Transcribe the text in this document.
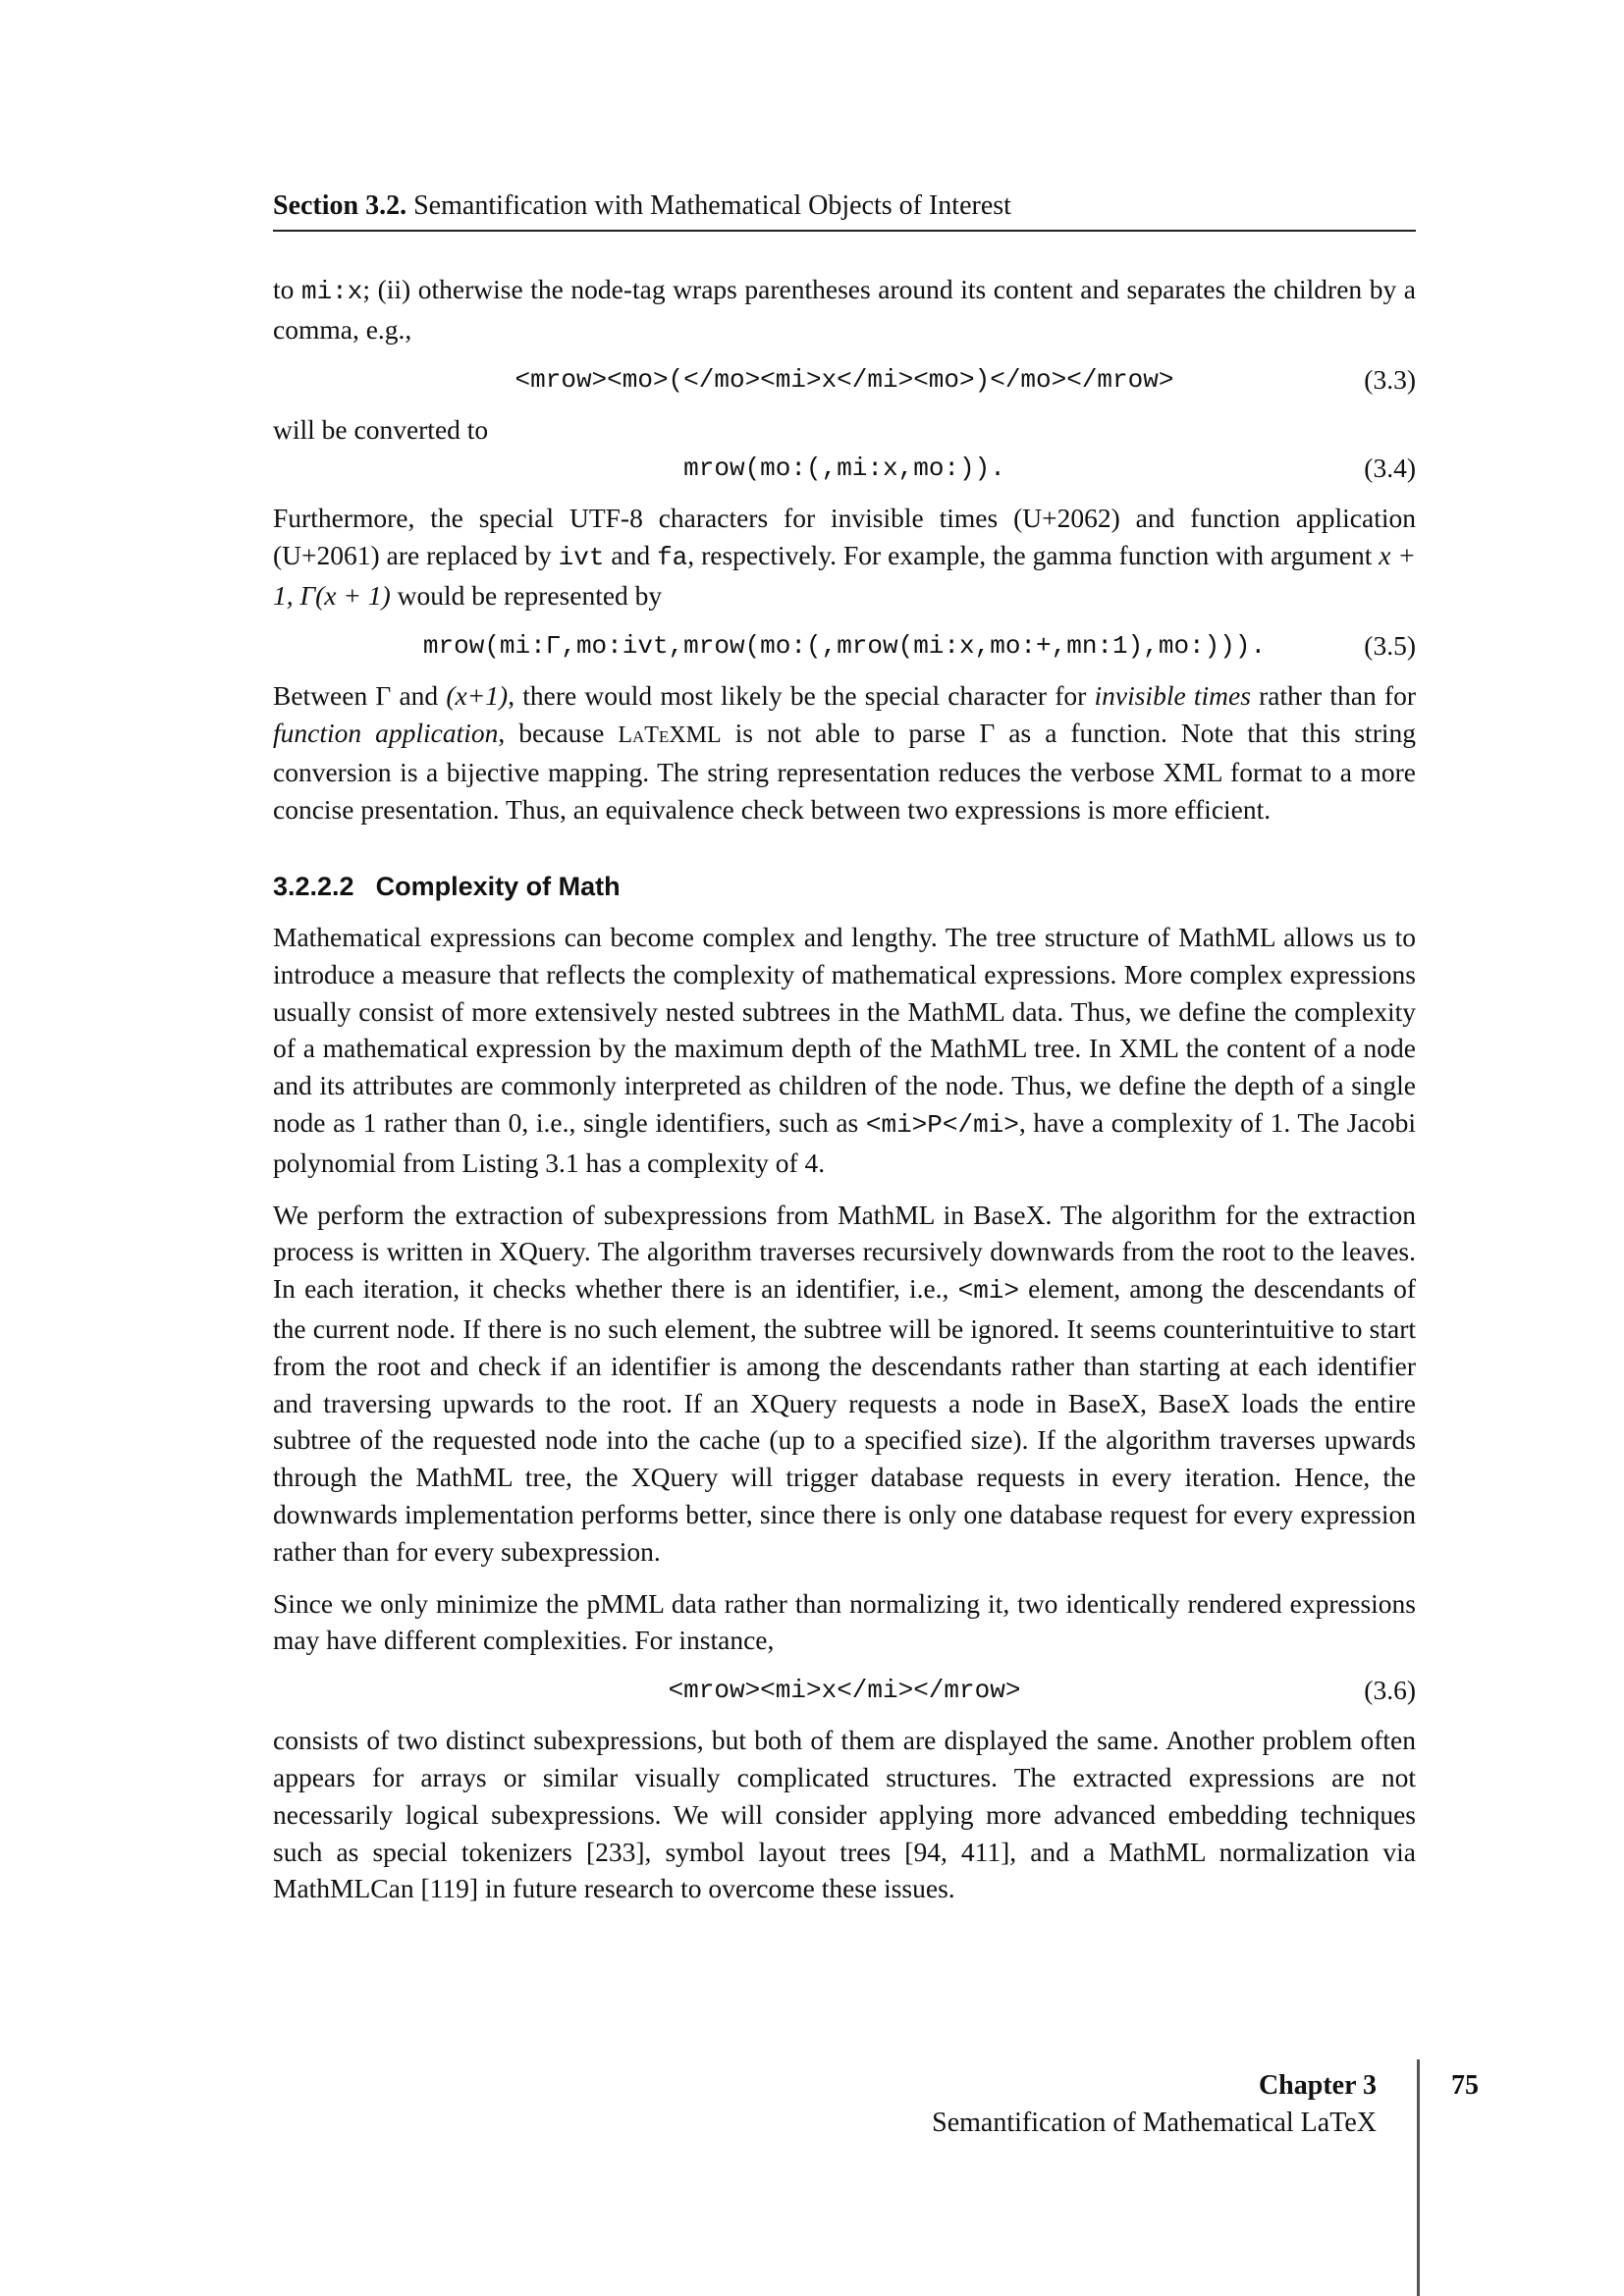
Section 3.2. Semantification with Mathematical Objects of Interest

to mi:x; (ii) otherwise the node-tag wraps parentheses around its content and separates the children by a comma, e.g.,

<mrow><mo>(</mo><mi>x</mi><mo>)</mo></mrow>	(3.3)

will be converted to

mrow(mo:(,mi:x,mo:)).	(3.4)

Furthermore, the special UTF-8 characters for invisible times (U+2062) and function application (U+2061) are replaced by ivt and fa, respectively. For example, the gamma function with argument x + 1, Γ(x + 1) would be represented by

mrow(mi:Γ,mo:ivt,mrow(mo:(,mrow(mi:x,mo:+,mn:1),mo:))).	(3.5)

Between Γ and (x+1), there would most likely be the special character for invisible times rather than for function application, because LaTeXML is not able to parse Γ as a function. Note that this string conversion is a bijective mapping. The string representation reduces the verbose XML format to a more concise presentation. Thus, an equivalence check between two expressions is more efficient.

3.2.2.2 Complexity of Math

Mathematical expressions can become complex and lengthy. The tree structure of MathML allows us to introduce a measure that reflects the complexity of mathematical expressions. More complex expressions usually consist of more extensively nested subtrees in the MathML data. Thus, we define the complexity of a mathematical expression by the maximum depth of the MathML tree. In XML the content of a node and its attributes are commonly interpreted as children of the node. Thus, we define the depth of a single node as 1 rather than 0, i.e., single identifiers, such as <mi>P</mi>, have a complexity of 1. The Jacobi polynomial from Listing 3.1 has a complexity of 4.

We perform the extraction of subexpressions from MathML in BaseX. The algorithm for the extraction process is written in XQuery. The algorithm traverses recursively downwards from the root to the leaves. In each iteration, it checks whether there is an identifier, i.e., <mi> element, among the descendants of the current node. If there is no such element, the subtree will be ignored. It seems counterintuitive to start from the root and check if an identifier is among the descendants rather than starting at each identifier and traversing upwards to the root. If an XQuery requests a node in BaseX, BaseX loads the entire subtree of the requested node into the cache (up to a specified size). If the algorithm traverses upwards through the MathML tree, the XQuery will trigger database requests in every iteration. Hence, the downwards implementation performs better, since there is only one database request for every expression rather than for every subexpression.

Since we only minimize the pMML data rather than normalizing it, two identically rendered expressions may have different complexities. For instance,

<mrow><mi>x</mi></mrow>	(3.6)

consists of two distinct subexpressions, but both of them are displayed the same. Another problem often appears for arrays or similar visually complicated structures. The extracted expressions are not necessarily logical subexpressions. We will consider applying more advanced embedding techniques such as special tokenizers [233], symbol layout trees [94, 411], and a MathML normalization via MathMLCan [119] in future research to overcome these issues.

Chapter 3
Semantification of Mathematical LaTeX
75
